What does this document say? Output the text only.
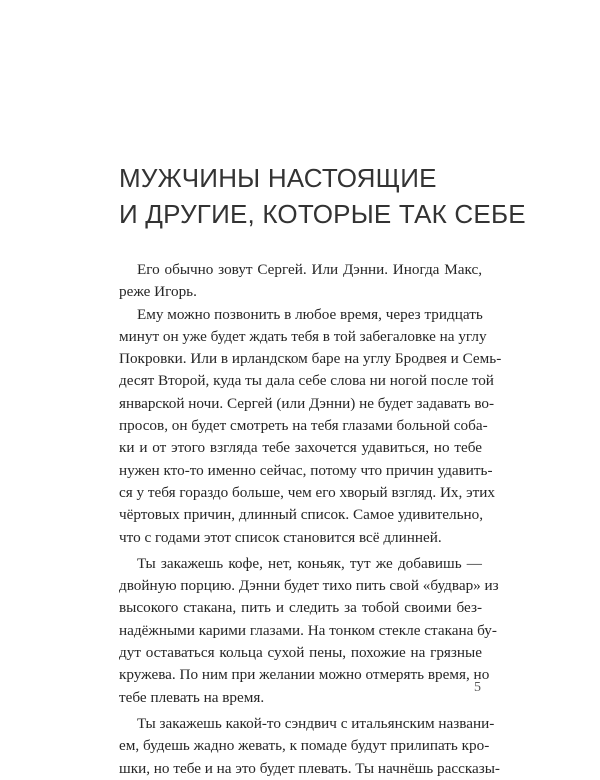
МУЖЧИНЫ НАСТОЯЩИЕ
И ДРУГИЕ, КОТОРЫЕ ТАК СЕБЕ
Его обычно зовут Сергей. Или Дэнни. Иногда Макс,
реже Игорь.
Ему можно позвонить в любое время, через тридцать
минут он уже будет ждать тебя в той забегаловке на углу
Покровки. Или в ирландском баре на углу Бродвея и Семь-
десят Второй, куда ты дала себе слова ни ногой после той
январской ночи. Сергей (или Дэнни) не будет задавать во-
просов, он будет смотреть на тебя глазами больной соба-
ки и от этого взгляда тебе захочется удавиться, но тебе
нужен кто-то именно сейчас, потому что причин удавить-
ся у тебя гораздо больше, чем его хворый взгляд. Их, этих
чёртовых причин, длинный список. Самое удивительно,
что с годами этот список становится всё длинней.
Ты закажешь кофе, нет, коньяк, тут же добавишь —
двойную порцию. Дэнни будет тихо пить свой «будвар» из
высокого стакана, пить и следить за тобой своими без-
надёжными карими глазами. На тонком стекле стакана бу-
дут оставаться кольца сухой пены, похожие на грязные
кружева. По ним при желании можно отмерять время, но
тебе плевать на время.
Ты закажешь какой-то сэндвич с итальянским названи-
ем, будешь жадно жевать, к помаде будут прилипать кро-
шки, но тебе и на это будет плевать. Ты начнёшь рассказы-
5
